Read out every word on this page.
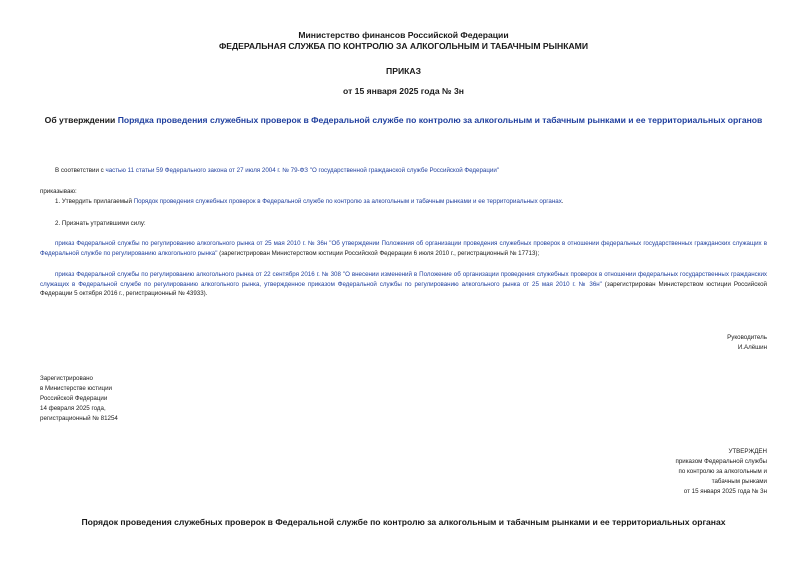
Министерство финансов Российской Федерации
ФЕДЕРАЛЬНАЯ СЛУЖБА ПО КОНТРОЛЮ ЗА АЛКОГОЛЬНЫМ И ТАБАЧНЫМ РЫНКАМИ
ПРИКАЗ
от 15 января 2025 года № 3н
Об утверждении Порядка проведения служебных проверок в Федеральной службе по контролю за алкогольным и табачным рынками и ее территориальных органов
В соответствии с частью 11 статьи 59 Федерального закона от 27 июля 2004 г. № 79-ФЗ "О государственной гражданской службе Российской Федерации"
приказываю:
1. Утвердить прилагаемый Порядок проведения служебных проверок в Федеральной службе по контролю за алкогольным и табачным рынками и ее территориальных органах.
2. Признать утратившими силу:
приказ Федеральной службы по регулированию алкогольного рынка от 25 мая 2010 г. № 36н "Об утверждении Положения об организации проведения служебных проверок в отношении федеральных государственных гражданских служащих в Федеральной службе по регулированию алкогольного рынка" (зарегистрирован Министерством юстиции Российской Федерации 6 июля 2010 г., регистрационный № 17713);
приказ Федеральной службы по регулированию алкогольного рынка от 22 сентября 2016 г. № 308 "О внесении изменений в Положение об организации проведения служебных проверок в отношении федеральных государственных гражданских служащих в Федеральной службе по регулированию алкогольного рынка, утвержденное приказом Федеральной службы по регулированию алкогольного рынка от 25 мая 2010 г. № 36н" (зарегистрирован Министерством юстиции Российской Федерации 5 октября 2016 г., регистрационный № 43933).
Руководитель
И.Алёшин
Зарегистрировано
в Министерстве юстиции
Российской Федерации
14 февраля 2025 года,
регистрационный № 81254
УТВЕРЖДЕН
приказом Федеральной службы
по контролю за алкогольным и
табачным рынками
от 15 января 2025 года № 3н
Порядок проведения служебных проверок в Федеральной службе по контролю за алкогольным и табачным рынками и ее территориальных органах
